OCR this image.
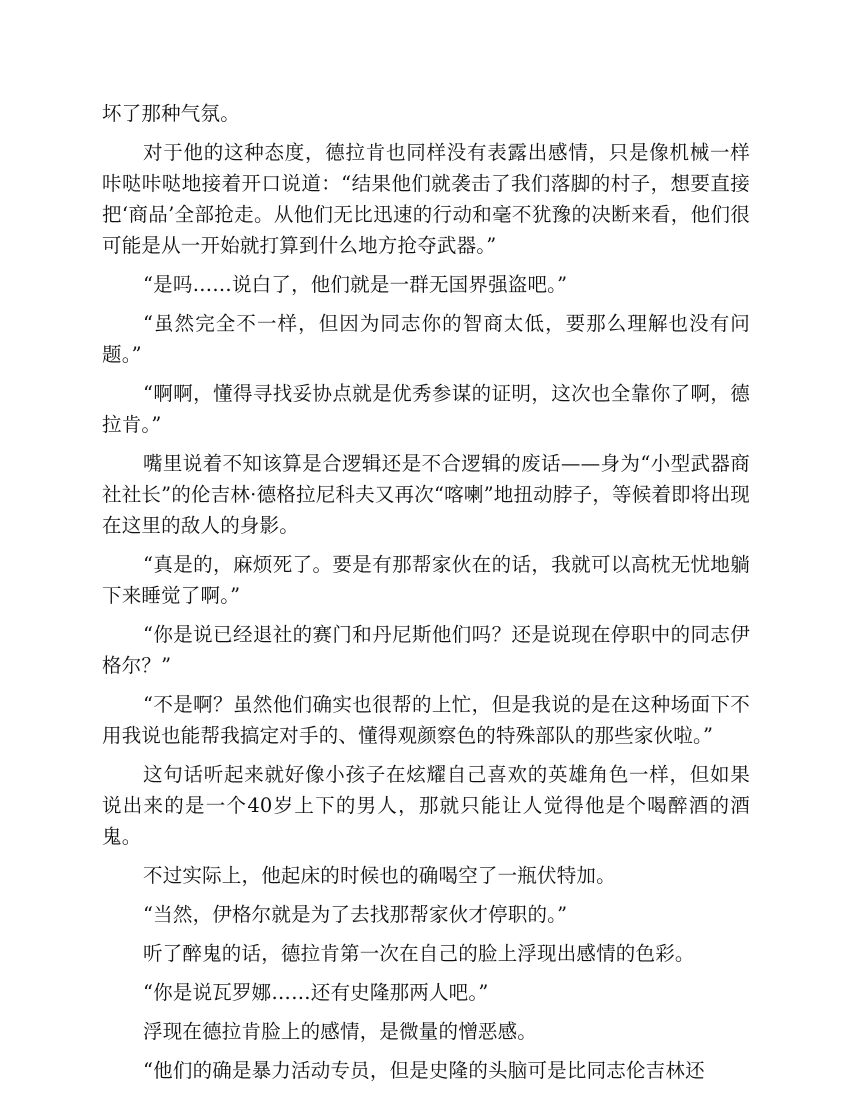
坏了那种气氛。

对于他的这种态度，德拉肯也同样没有表露出感情，只是像机械一样咔哒咔哒地接着开口说道：“结果他们就袭击了我们落脚的村子，想要直接把‘商品’全部抢走。从他们无比迅速的行动和毫不犹豫的决断来看，他们很可能是从一开始就打算到什么地方抢夺武器。”

“是吗……说白了，他们就是一群无国界强盗吧。”

“虽然完全不一样，但因为同志你的智商太低，要那么理解也没有问题。”

“啊啊，懂得寻找妥协点就是优秀参谋的证明，这次也全靠你了啊，德拉肯。”

嘴里说着不知该算是合逻辑还是不合逻辑的废话——身为“小型武器商社社长”的伦吉林·德格拉尼科夫又再次“喀喇”地扭动脖子，等候着即将出现在这里的敌人的身影。

“真是的，麻烦死了。要是有那帮家伙在的话，我就可以高枕无忧地躺下来睡觉了啊。”

“你是说已经退社的赛门和丹尼斯他们吗？还是说现在停职中的同志伊格尔？”

“不是啊？虽然他们确实也很帮的上忙，但是我说的是在这种场面下不用我说也能帮我搞定对手的、懂得观颜察色的特殊部队的那些家伙啦。”

这句话听起来就好像小孩子在炫耀自己喜欢的英雄角色一样，但如果说出来的是一个40岁上下的男人，那就只能让人觉得他是个喝醉酒的酒鬼。

不过实际上，他起床的时候也的确喝空了一瓶伏特加。

“当然，伊格尔就是为了去找那帮家伙才停职的。”

听了醉鬼的话，德拉肯第一次在自己的脸上浮现出感情的色彩。

“你是说瓦罗娜……还有史隆那两人吧。”

浮现在德拉肯脸上的感情，是微量的憎恶感。

“他们的确是暴力活动专员，但是史隆的头脑可是比同志伦吉林还
